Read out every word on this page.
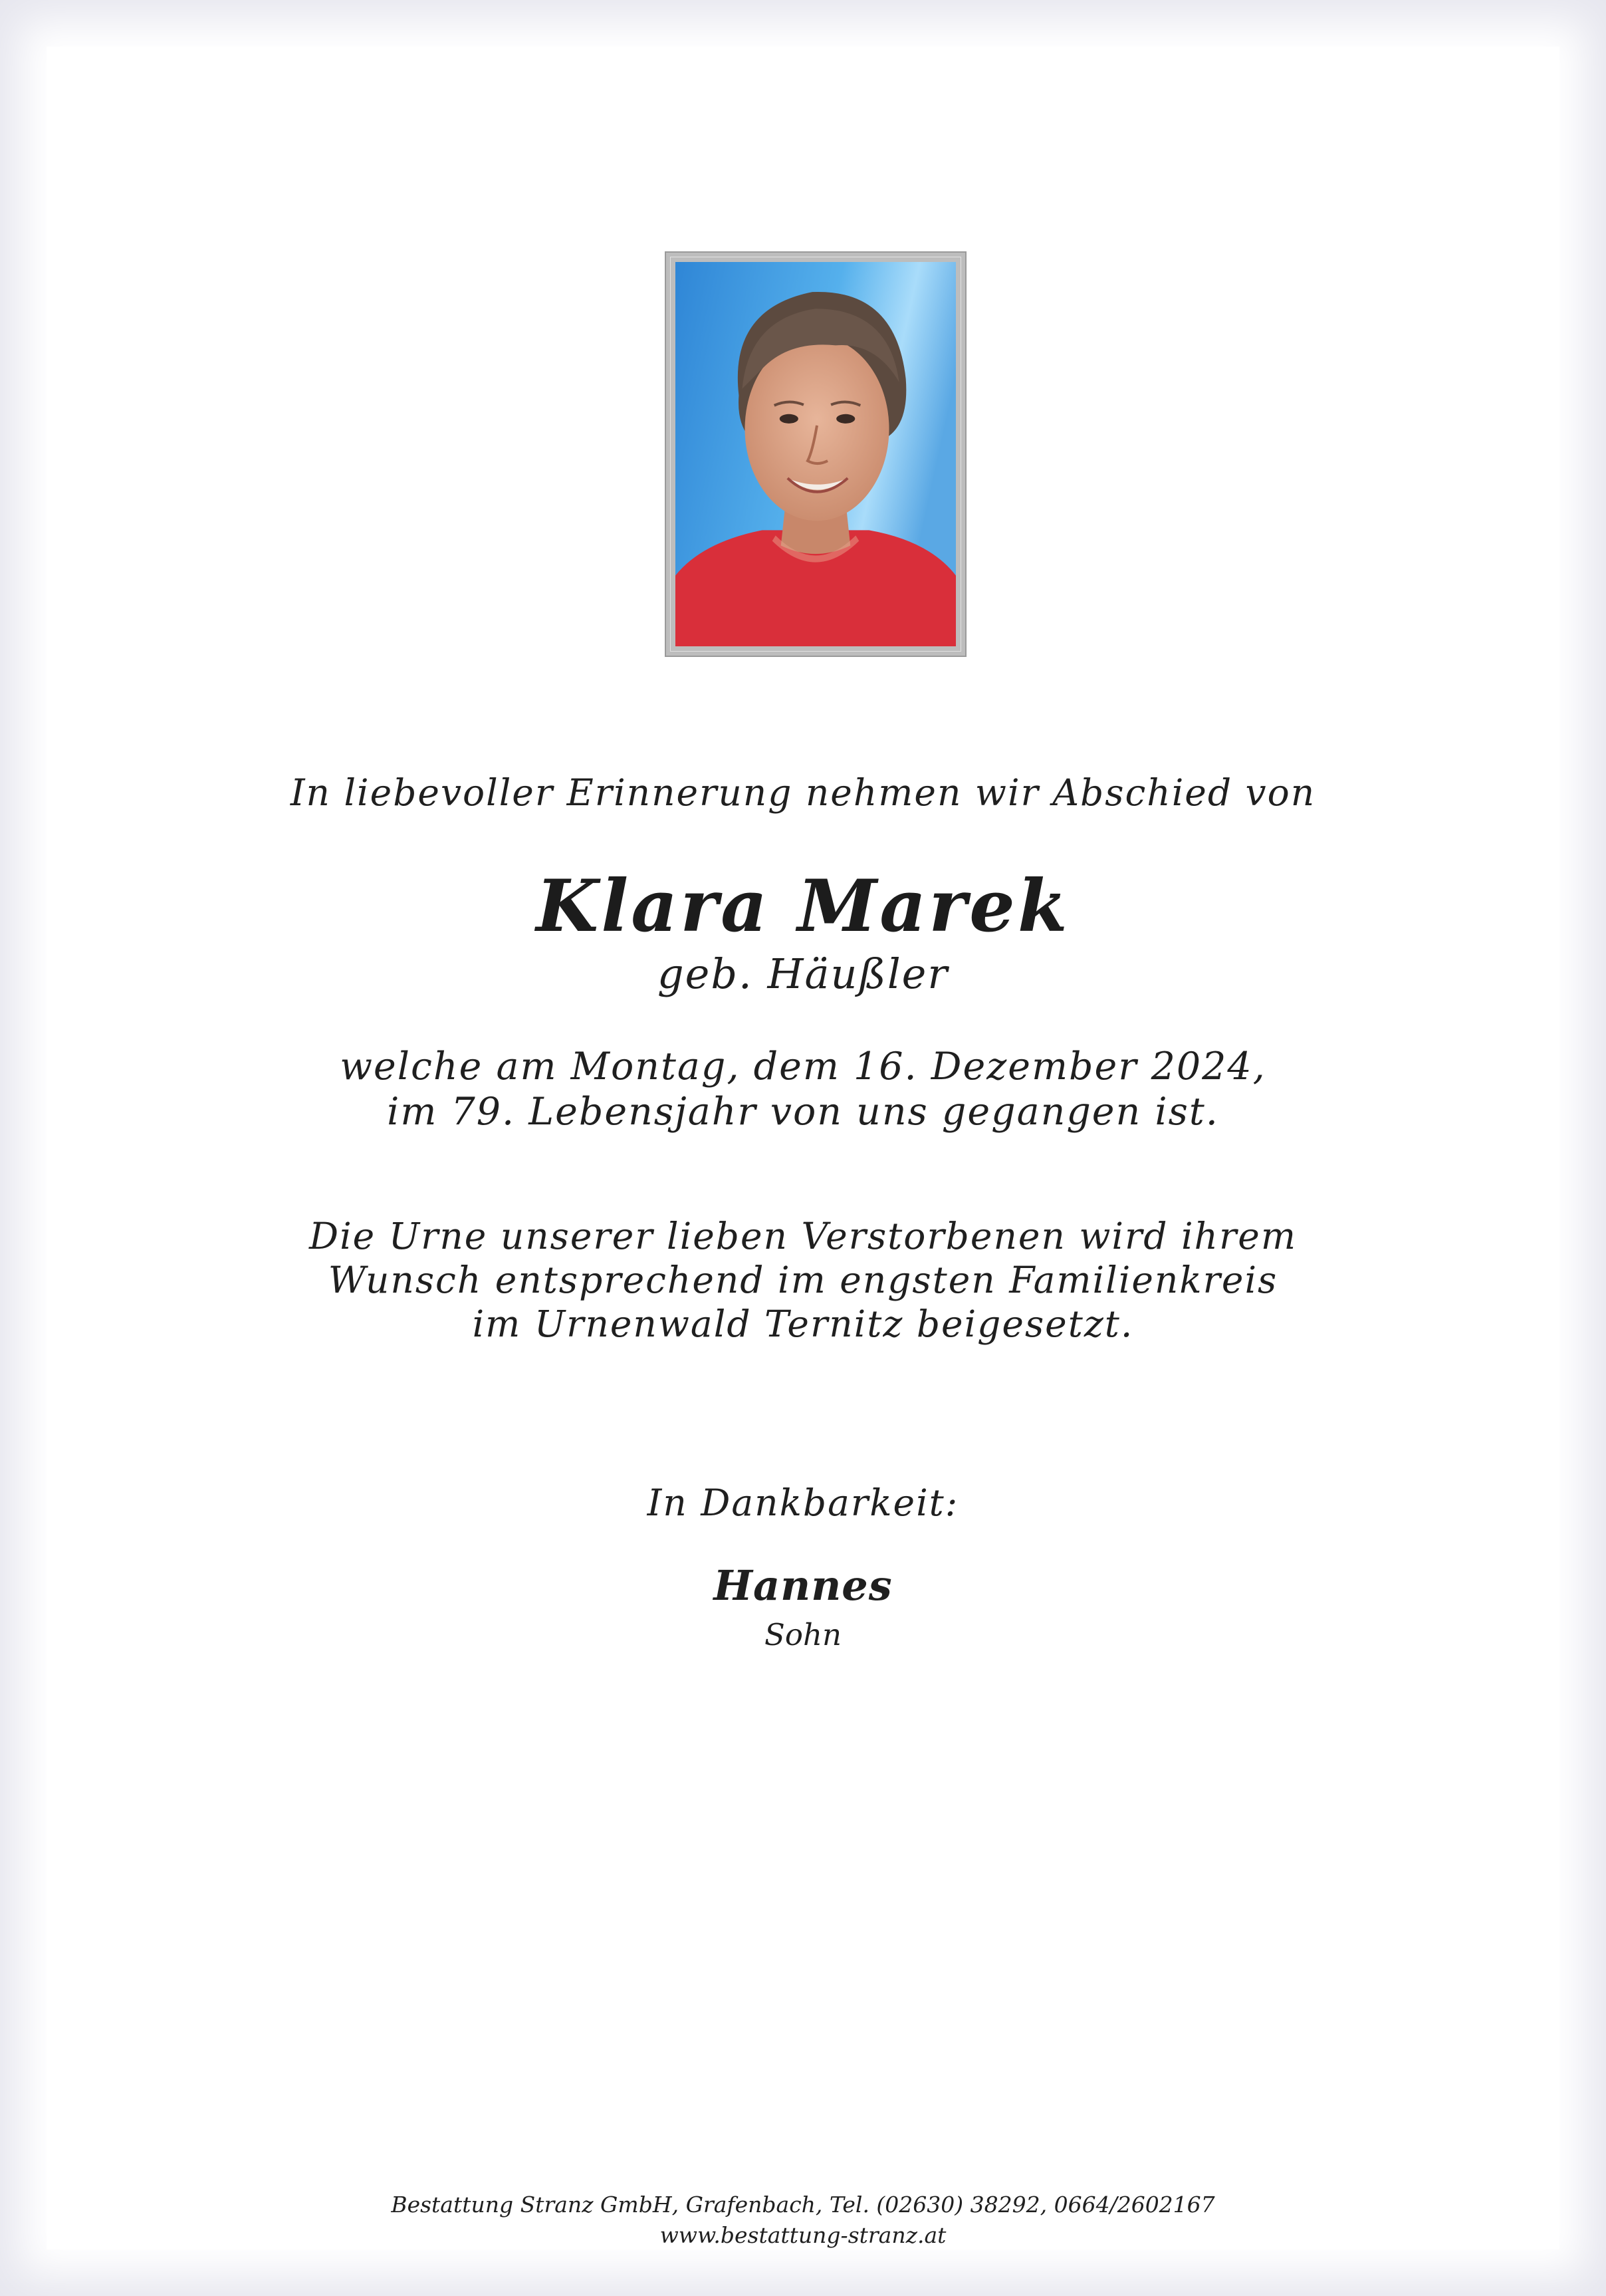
In liebevoller Erinnerung nehmen wir Abschied von
Klara Marek
geb. Häußler
welche am Montag, dem 16. Dezember 2024,
im 79. Lebensjahr von uns gegangen ist.
Die Urne unserer lieben Verstorbenen wird ihrem
Wunsch entsprechend im engsten Familienkreis
im Urnenwald Ternitz beigesetzt.
In Dankbarkeit:
Hannes
Sohn
Bestattung Stranz GmbH, Grafenbach, Tel. (02630) 38292, 0664/2602167
www.bestattung-stranz.at
